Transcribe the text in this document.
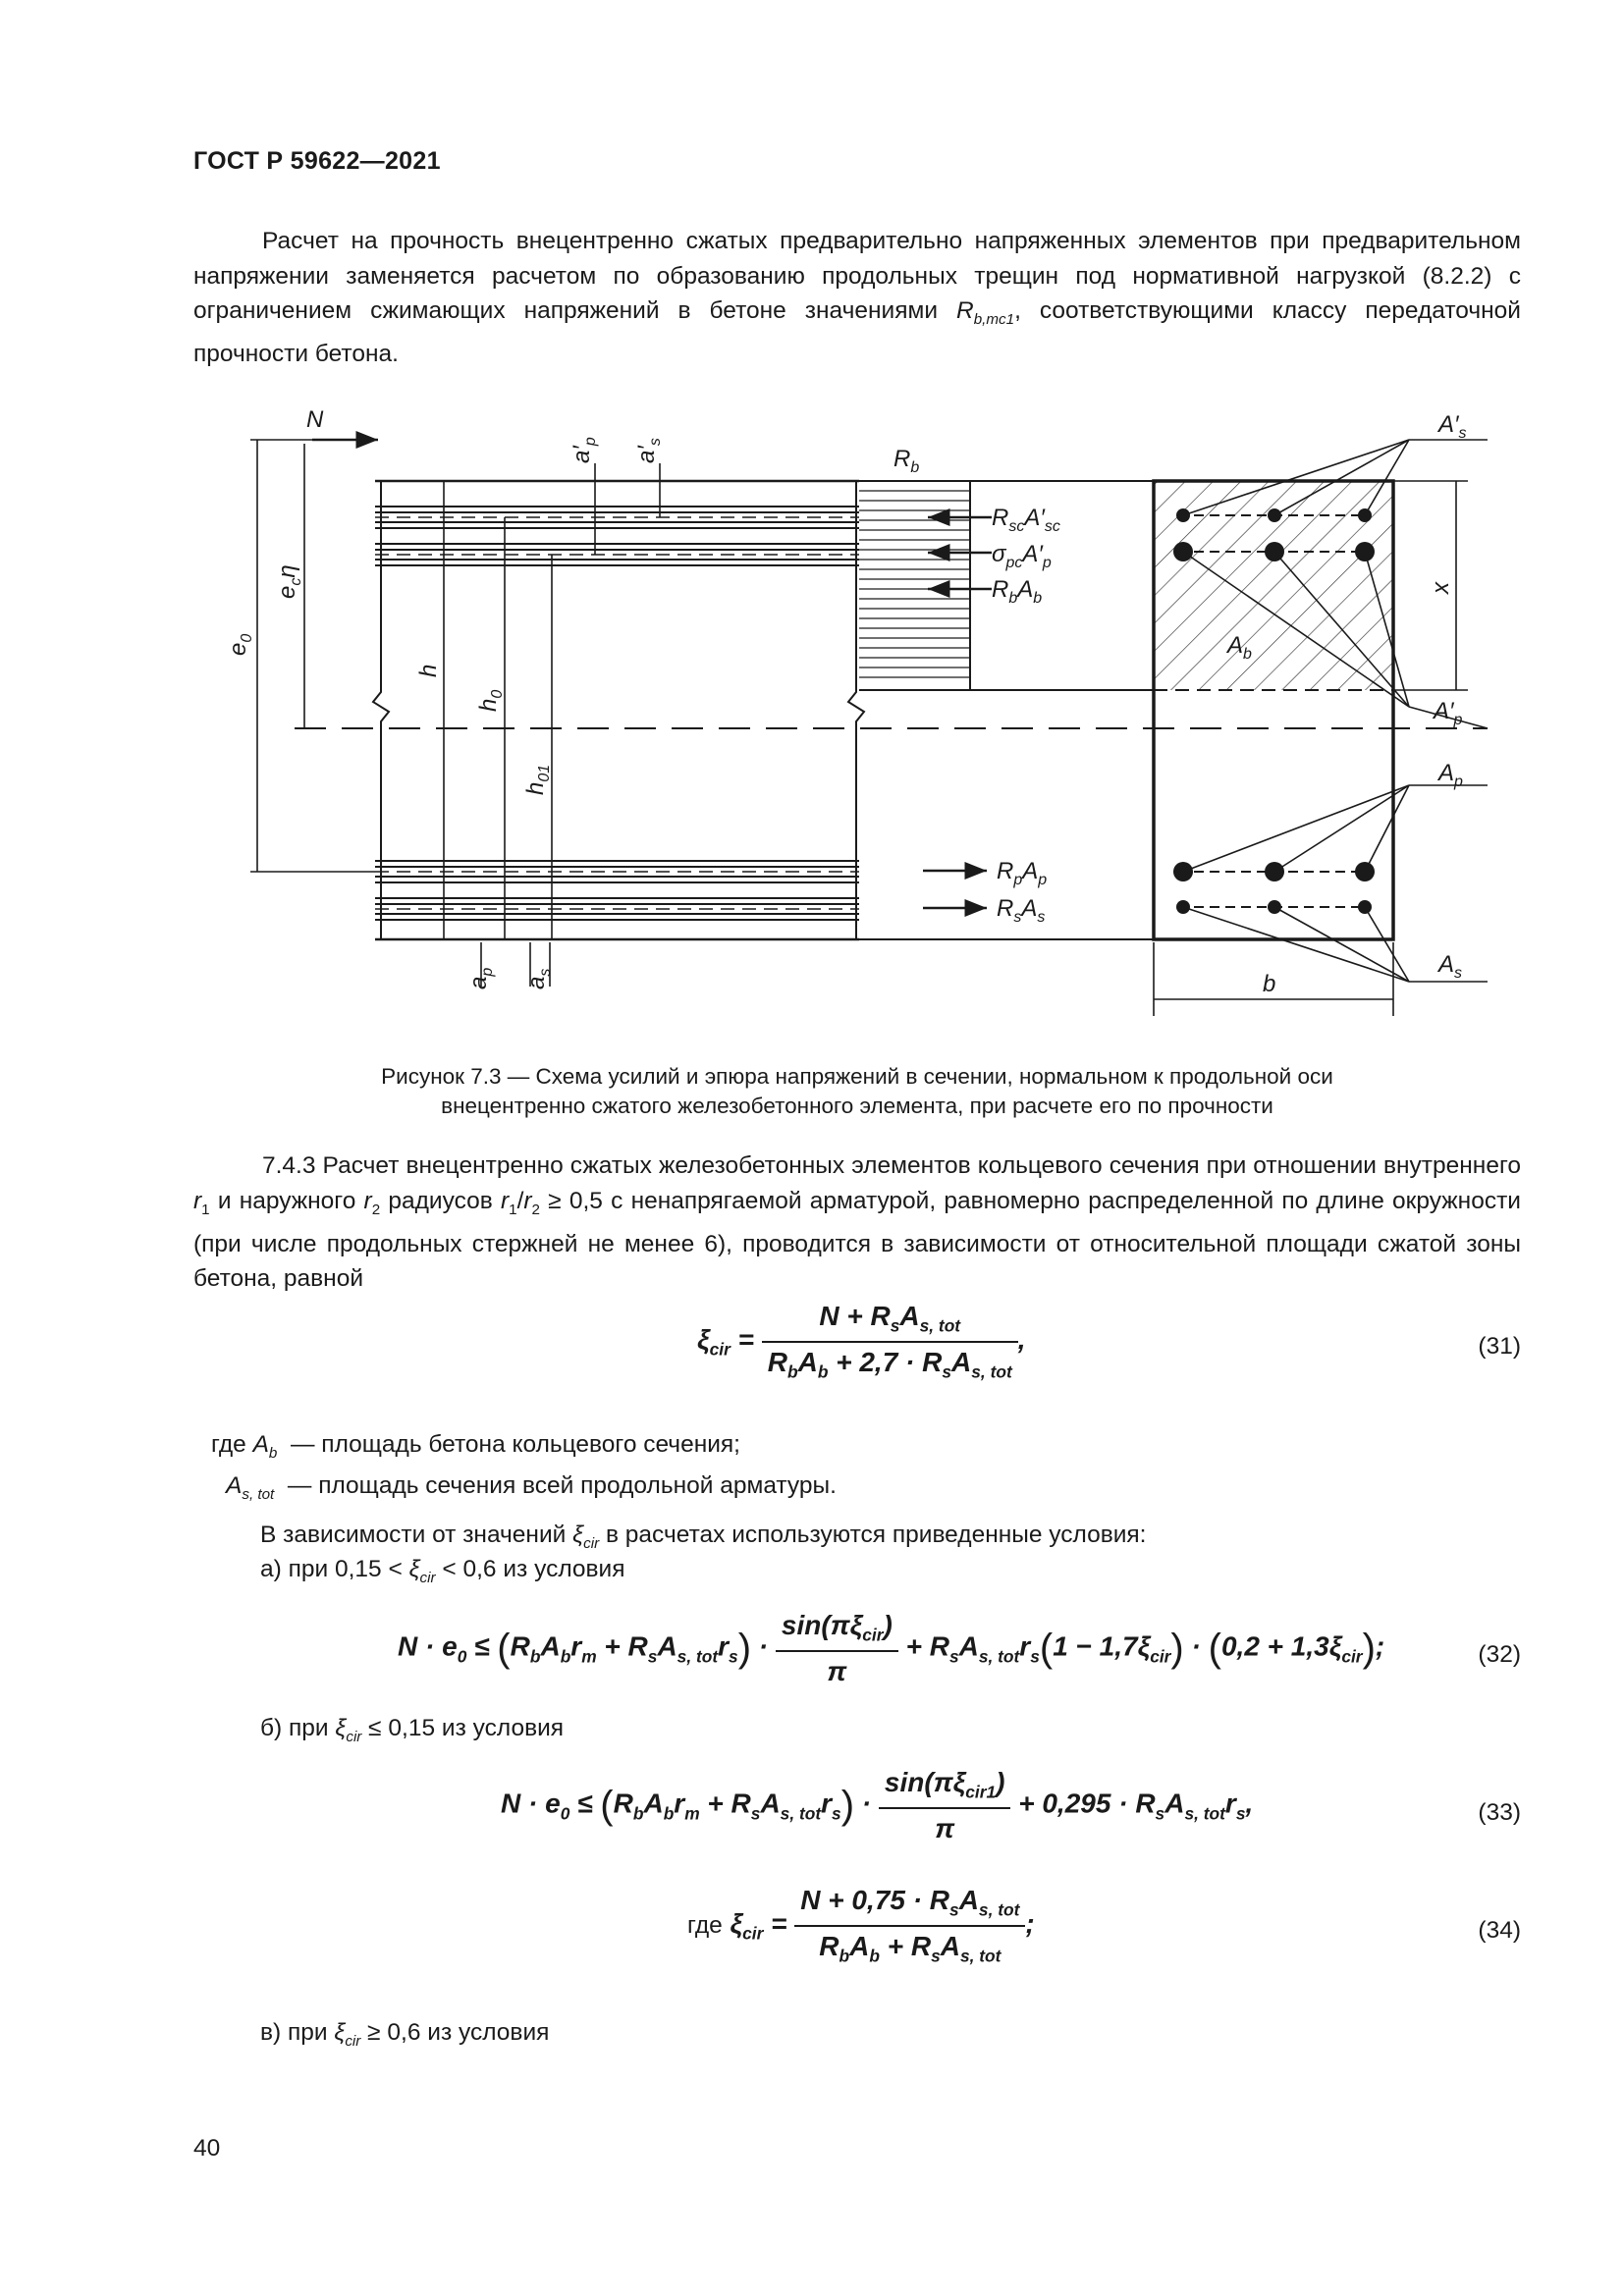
ГОСТ Р 59622—2021
Расчет на прочность внецентренно сжатых предварительно напряженных элементов при предварительном напряжении заменяется расчетом по образованию продольных трещин под нормативной нагрузкой (8.2.2) с ограничением сжимающих напряжений в бетоне значениями $R_{b,mc1}$, соответствующими классу передаточной прочности бетона.
N
$R_b$
$R_{sc}A'_{sc}$
$\sigma_{pc}A'_p$
$R_bA_b$
$R_pA_p$
$R_sA_s$
$e_0$
$e_c\eta$
h
$h_0$
$h_{01}$
$a'_p$
$a'_s$
$a_p$
$a_s$
$A'_s$
x
$A_b$
$A'_p$
$A_p$
$A_s$
b
Рисунок 7.3 — Схема усилий и эпюра напряжений в сечении, нормальном к продольной оси
внецентренно сжатого железобетонного элемента, при расчете его по прочности
7.4.3 Расчет внецентренно сжатых железобетонных элементов кольцевого сечения при отношении внутреннего $r_1$ и наружного $r_2$ радиусов $r_1/r_2 \ge 0,5$ с ненапрягаемой арматурой, равномерно распределенной по длине окружности (при числе продольных стержней не менее 6), проводится в зависимости от относительной площади сжатой зоны бетона, равной
$\xi_{cir} = \frac{N + R_sA_{s, tot}}{R_bA_b + 2,7 \cdot R_sA_{s, tot}}$ ,	(31)
где $A_b$ — площадь бетона кольцевого сечения;
$A_{s, tot}$ — площадь сечения всей продольной арматуры.
В зависимости от значений $\xi_{cir}$ в расчетах используются приведенные условия:
а) при $0,15 < \xi_{cir} < 0,6$ из условия
$N \cdot e_0 \le (R_bA_br_m + R_sA_{s, tot}r_s) \cdot \frac{\sin(\pi\xi_{cir})}{\pi} + R_sA_{s, tot}r_s(1 - 1,7\xi_{cir}) \cdot (0,2 + 1,3\xi_{cir})$;	(32)
б) при $\xi_{cir} \le 0,15$ из условия
$N \cdot e_0 \le (R_bA_br_m + R_sA_{s, tot}r_s) \cdot \frac{\sin(\pi\xi_{cir1})}{\pi} + 0,295 \cdot R_sA_{s, tot}r_s$,	(33)
где $\xi_{cir} = \frac{N + 0,75 \cdot R_sA_{s, tot}}{R_bA_b + R_sA_{s, tot}}$ ;	(34)
в) при $\xi_{cir} \ge 0,6$ из условия
40
